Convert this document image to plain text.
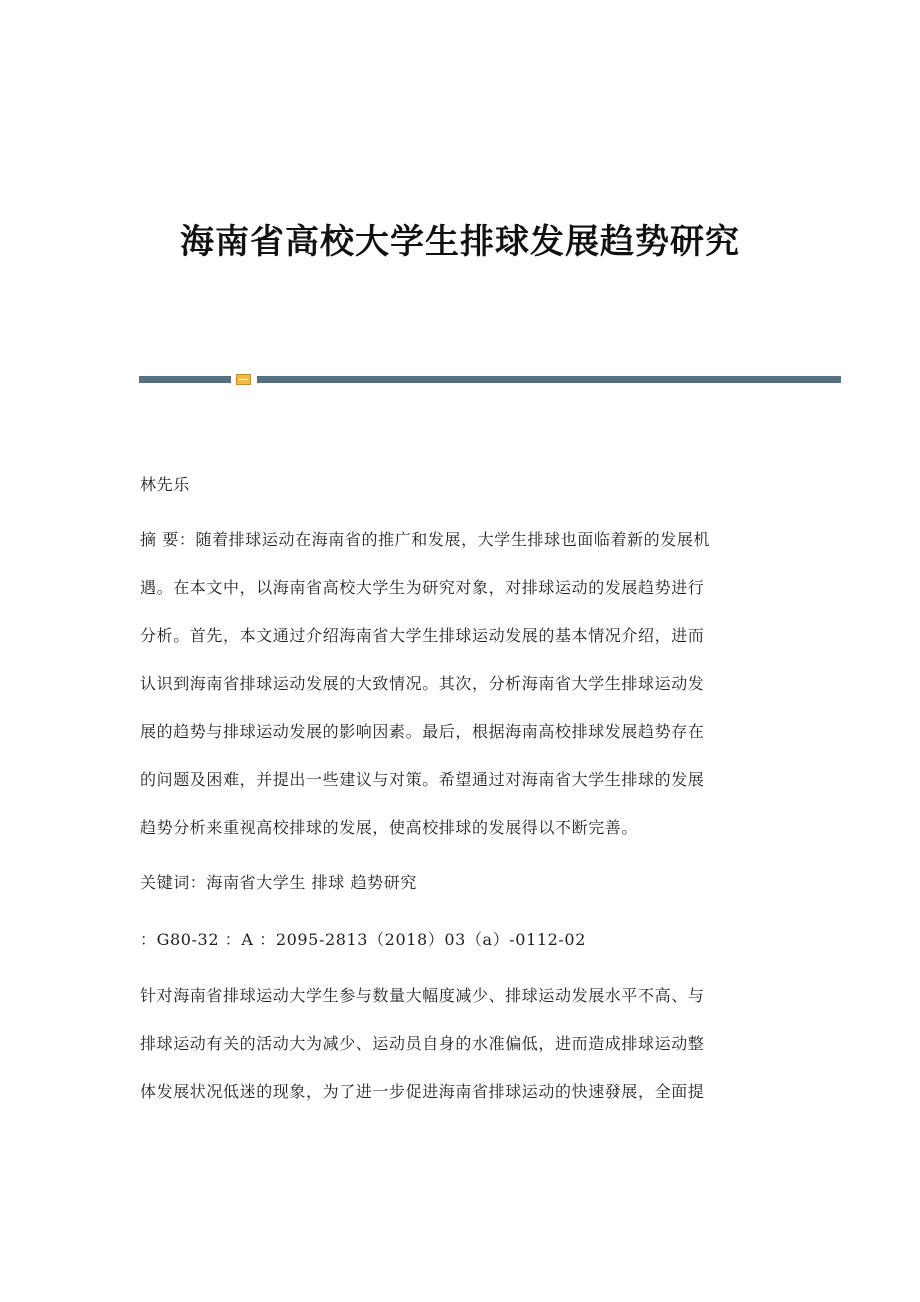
海南省高校大学生排球发展趋势研究

林先乐

摘 要：随着排球运动在海南省的推广和发展，大学生排球也面临着新的发展机
遇。在本文中，以海南省高校大学生为研究对象，对排球运动的发展趋势进行
分析。首先，本文通过介绍海南省大学生排球运动发展的基本情况介绍，进而
认识到海南省排球运动发展的大致情况。其次，分析海南省大学生排球运动发
展的趋势与排球运动发展的影响因素。最后，根据海南高校排球发展趋势存在
的问题及困难，并提出一些建议与对策。希望通过对海南省大学生排球的发展
趋势分析来重视高校排球的发展，使高校排球的发展得以不断完善。

关键词：海南省大学生 排球 趋势研究

：G80-32 ：A ：2095-2813（2018）03（a）-0112-02

针对海南省排球运动大学生参与数量大幅度减少、排球运动发展水平不高、与
排球运动有关的活动大为减少、运动员自身的水准偏低，进而造成排球运动整
体发展状况低迷的现象，为了进一步促进海南省排球运动的快速發展，全面提
